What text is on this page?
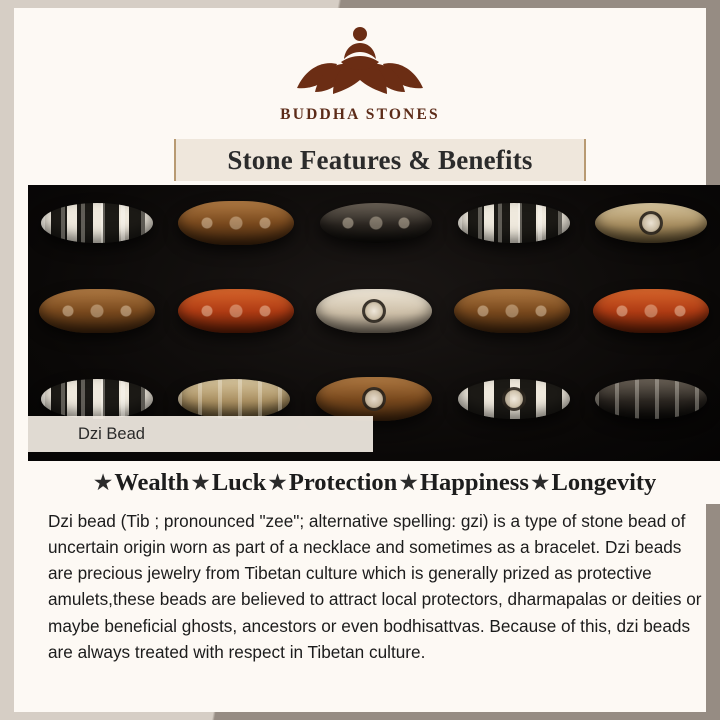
BUDDHA STONES
Stone Features & Benefits
Dzi Bead
★ Wealth ★ Luck ★ Protection ★ Happiness ★ Longevity
Dzi bead (Tib ; pronounced "zee"; alternative spelling: gzi) is a type of stone bead of uncertain origin worn as part of a necklace and sometimes as a bracelet. Dzi beads are precious jewelry from Tibetan culture which is generally prized as protective amulets,these beads are believed to attract local protectors, dharmapalas or deities or maybe beneficial ghosts, ancestors or even bodhisattvas. Because of this, dzi beads are always treated with respect in Tibetan culture.
